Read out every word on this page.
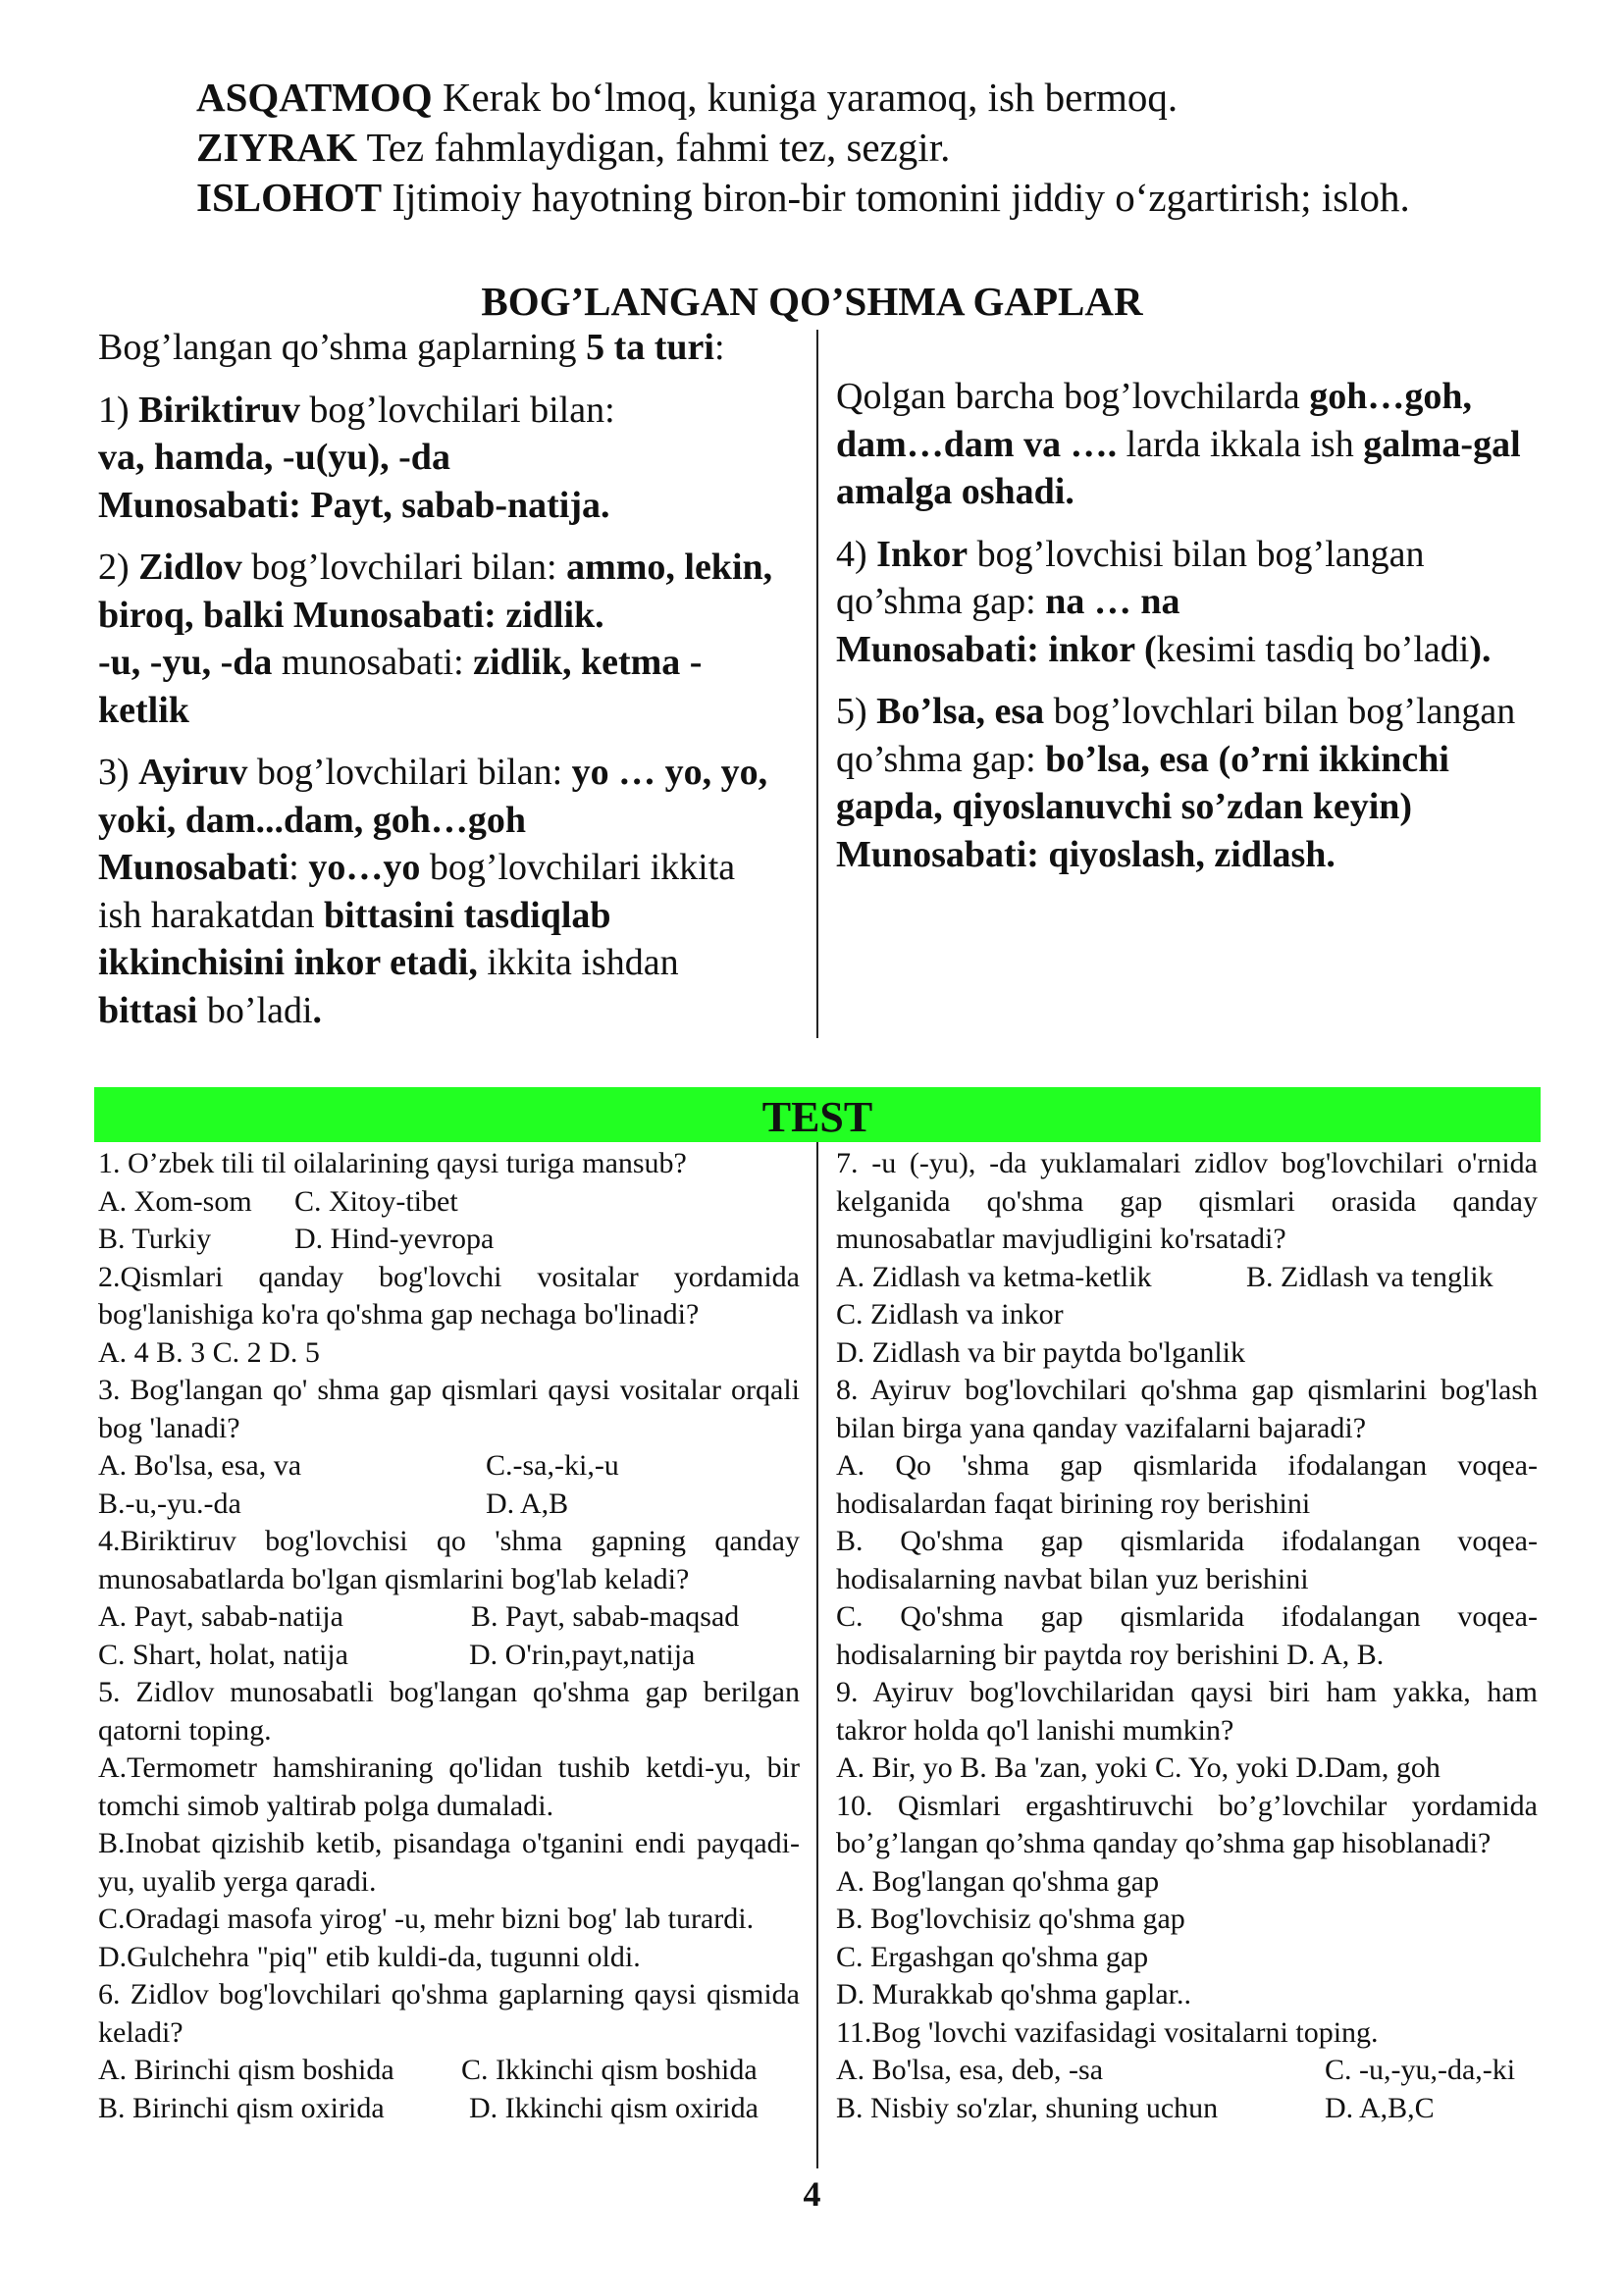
ASQATMOQ Kerak bo‘lmoq, kuniga yaramoq, ish bermoq.

ZIYRAK Tez fahmlaydigan, fahmi tez, sezgir.

ISLOHOT Ijtimoiy hayotning biron-bir tomonini jiddiy o‘zgartirish; isloh.

BOG’LANGAN QO’SHMA GAPLAR

Bog’langan qo’shma gaplarning 5 ta turi:

1) Biriktiruv bog’lovchilari bilan:
va, hamda, -u(yu), -da
Munosabati: Payt, sabab-natija.

2) Zidlov bog’lovchilari bilan: ammo, lekin, biroq, balki Munosabati: zidlik.
-u, -yu, -da munosabati: zidlik, ketma -ketlik

3) Ayiruv bog’lovchilari bilan: yo … yo, yo, yoki, dam...dam, goh…goh
Munosabati: yo…yo bog’lovchilari ikkita ish harakatdan bittasini tasdiqlab ikkinchisini inkor etadi, ikkita ishdan bittasi bo’ladi.

Qolgan barcha bog’lovchilarda goh…goh, dam…dam va …. larda ikkala ish galma-gal amalga oshadi.

4) Inkor bog’lovchisi bilan bog’langan qo’shma gap: na … na
Munosabati: inkor (kesimi tasdiq bo’ladi).

5) Bo’lsa, esa bog’lovchlari bilan bog’langan qo’shma gap: bo’lsa, esa (o’rni ikkinchi gapda, qiyoslanuvchi so’zdan keyin)
Munosabati: qiyoslash, zidlash.

TEST
1. O’zbek tili til oilalarining qaysi turiga mansub?
A. Xom-som C. Xitoy-tibet
B. Turkiy	D. Hind-yevropa
2.Qismlari qanday bog'lovchi vositalar yordamida bog'lanishiga ko'ra qo'shma gap nechaga bo'linadi?
A. 4 B. 3 C. 2 D. 5
3. Bog'langan qo' shma gap qismlari qaysi vositalar orqali bog 'lanadi?
A. Bo'lsa, esa, va	C.-sa,-ki,-u
B.-u,-yu.-da	D. A,B
4.Biriktiruv bog'lovchisi qo 'shma gapning qanday munosabatlarda bo'lgan qismlarini bog'lab keladi?
A. Payt, sabab-natija	B. Payt, sabab-maqsad
C. Shart, holat, natija	D. O'rin,payt,natija
5. Zidlov munosabatli bog'langan qo'shma gap berilgan qatorni toping.
A.Termometr hamshiraning qo'lidan tushib ketdi-yu, bir tomchi simob yaltirab polga dumaladi.
B.Inobat qizishib ketib, pisandaga o'tganini endi payqadi-yu, uyalib yerga qaradi.
C.Oradagi masofa yirog' -u, mehr bizni bog' lab turardi.
D.Gulchehra "piq" etib kuldi-da, tugunni oldi.
6. Zidlov bog'lovchilari qo'shma gaplarning qaysi qismida keladi?
A. Birinchi qism boshida C. Ikkinchi qism boshida
B. Birinchi qism oxirida	D. Ikkinchi qism oxirida
7. -u (-yu), -da yuklamalari zidlov bog'lovchilari o'rnida kelganida qo'shma gap qismlari orasida qanday munosabatlar mavjudligini ko'rsatadi?
A. Zidlash va ketma-ketlik	B. Zidlash va tenglik
C. Zidlash va inkor
D. Zidlash va bir paytda bo'lganlik
8. Ayiruv bog'lovchilari qo'shma gap qismlarini bog'lash bilan birga yana qanday vazifalarni bajaradi?
A. Qo 'shma gap qismlarida ifodalangan voqea-hodisalardan faqat birining roy berishini
B. Qo'shma gap qismlarida ifodalangan voqea-hodisalarning navbat bilan yuz berishini
C. Qo'shma gap qismlarida ifodalangan voqea-hodisalarning bir paytda roy berishini D. A, B.
9. Ayiruv bog'lovchilaridan qaysi biri ham yakka, ham takror holda qo'l lanishi mumkin?
A. Bir, yo B. Ba 'zan, yoki C. Yo, yoki D.Dam, goh
10. Qismlari ergashtiruvchi bo’g’lovchilar yordamida bo’g’langan qo’shma qanday qo’shma gap hisoblanadi?
A. Bog'langan qo'shma gap
B. Bog'lovchisiz qo'shma gap
C. Ergashgan qo'shma gap
D. Murakkab qo'shma gaplar..
11.Bog 'lovchi vazifasidagi vositalarni toping.
A. Bo'lsa, esa, deb, -sa	C. -u,-yu,-da,-ki
B. Nisbiy so'zlar, shuning uchun	D. A,B,C
4
